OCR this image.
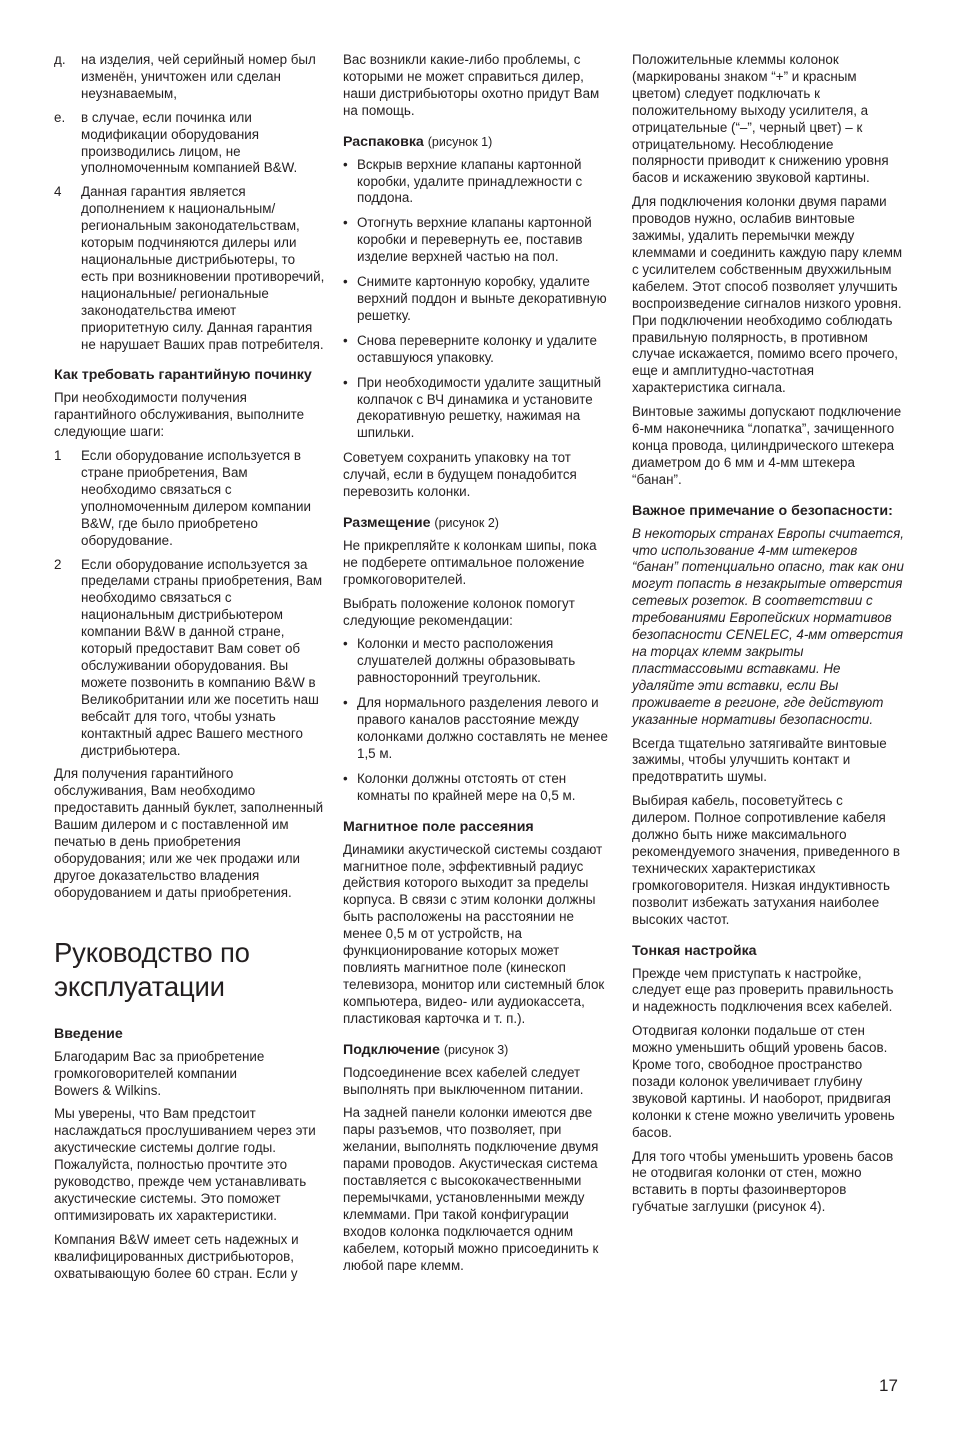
д.	на изделия, чей серийный номер был изменён, уничтожен или сделан неузнаваемым,
е.	в случае, если починка или модификации оборудования производились лицом, не уполномоченным компанией B&W.
4	Данная гарантия является дополнением к национальным/ региональным законодательствам, которым подчиняются дилеры или национальные дистрибьютеры, то есть при возникновении противоречий, национальные/ региональные законодательства имеют приоритетную силу. Данная гарантия не нарушает Ваших прав потребителя.
Как требовать гарантийную починку

При необходимости получения гарантийного обслуживания, выполните следующие шаги:

1	Если оборудование используется в стране приобретения, Вам необходимо связаться с уполномоченным дилером компании B&W, где было приобретено оборудование.
2	Если оборудование используется за пределами страны приобретения, Вам необходимо связаться с национальным дистрибьютером компании B&W в данной стране, который предоставит Вам совет об обслуживании оборудования. Вы можете позвонить в компанию B&W в Великобритании или же посетить наш вебсайт для того, чтобы узнать контактный адрес Вашего местного дистрибьютера.

Для получения гарантийного обслуживания, Вам необходимо предоставить данный буклет, заполненный Вашим дилером и с поставленной им печатью в день приобретения оборудования; или же чек продажи или другое доказательство владения оборудованием и даты приобретения.

Руководство по
эксплуатации
Введение

Благодарим Вас за приобретение громкоговорителей компании
Bowers & Wilkins.

Мы уверены, что Вам предстоит наслаждаться прослушиванием через эти акустические системы долгие годы. Пожалуйста, полностью прочтите это руководство, прежде чем устанавливать акустические системы. Это поможет оптимизировать их характеристики.

Компания B&W имеет сеть надежных и квалифицированных дистрибьюторов, охватывающую более 60 стран. Если у

Вас возникли какие-либо проблемы, с которыми не может справиться дилер, наши дистрибьюторы охотно придут Вам на помощь.

Распаковка (рисунок 1)
• Вскрыв верхние клапаны картонной коробки, удалите принадлежности с поддона.
• Отогнуть верхние клапаны картонной коробки и перевернуть ее, поставив изделие верхней частью на пол.
• Снимите картонную коробку, удалите верхний поддон и выньте декоративную решетку.
• Снова переверните колонку и удалите оставшуюся упаковку.
• При необходимости удалите защитный колпачок с ВЧ динамика и установите декоративную решетку, нажимая на шпильки.

Советуем сохранить упаковку на тот случай, если в будущем понадобится перевозить колонки.

Размещение (рисунок 2)

Не прикрепляйте к колонкам шипы, пока не подберете оптимальное положение громкоговорителей.

Выбрать положение колонок помогут следующие рекомендации:

• Колонки и место расположения слушателей должны образовывать равносторонний треугольник.
• Для нормального разделения левого и правого каналов расстояние между колонками должно составлять не менее 1,5 м.
• Колонки должны отстоять от стен комнаты по крайней мере на 0,5 м.
Магнитное поле рассеяния

Динамики акустической системы создают магнитное поле, эффективный радиус действия которого выходит за пределы корпуса. В связи с этим колонки должны быть расположены на расстоянии не менее 0,5 м от устройств, на функционирование которых может повлиять магнитное поле (кинескоп телевизора, монитор или системный блок компьютера, видео- или аудиокассета, пластиковая карточка и т. п.).

Подключение (рисунок 3)

Подсоединение всех кабелей следует выполнять при выключенном питании.

На задней панели колонки имеются две пары разъемов, что позволяет, при желании, выполнять подключение двумя парами проводов. Акустическая система поставляется с высококачественными перемычками, установленными между клеммами. При такой конфигурации входов колонка подключается одним кабелем, который можно присоединить к любой паре клемм.

Положительные клеммы колонок (маркированы знаком “+” и красным цветом) следует подключать к положительному выходу усилителя, а отрицательные (“–”, черный цвет) – к отрицательному. Несоблюдение полярности приводит к снижению уровня басов и искажению звуковой картины.

Для подключения колонки двумя парами проводов нужно, ослабив винтовые зажимы, удалить перемычки между клеммами и соединить каждую пару клемм с усилителем собственным двухжильным кабелем. Этот способ позволяет улучшить воспроизведение сигналов низкого уровня. При подключении необходимо соблюдать правильную полярность, в противном случае искажается, помимо всего прочего, еще и амплитудно-частотная характеристика сигнала.

Винтовые зажимы допускают подключение 6-мм наконечника “лопатка”, зачищенного конца провода, цилиндрического штекера диаметром до 6 мм и 4-мм штекера “банан”.

Важное примечание о безопасности:

В некоторых странах Европы считается, что использование 4-мм штекеров “банан” потенциально опасно, так как они могут попасть в незакрытые отверстия сетевых розеток. В соответствии с требованиями Европейских нормативов безопасности CENELEC, 4-мм отверстия на торцах клемм закрыты пластмассовыми вставками. Не удаляйте эти вставки, если Вы проживаете в регионе, где действуют указанные нормативы безопасности.

Всегда тщательно затягивайте винтовые зажимы, чтобы улучшить контакт и предотвратить шумы.

Выбирая кабель, посоветуйтесь с дилером. Полное сопротивление кабеля должно быть ниже максимального рекомендуемого значения, приведенного в технических характеристиках громкоговорителя. Низкая индуктивность позволит избежать затухания наиболее высоких частот.

Тонкая настройка

Прежде чем приступать к настройке, следует еще раз проверить правильность и надежность подключения всех кабелей.

Отодвигая колонки подальше от стен можно уменьшить общий уровень басов. Кроме того, свободное пространство позади колонок увеличивает глубину звуковой картины. И наоборот, придвигая колонки к стене можно увеличить уровень басов.

Для того чтобы уменьшить уровень басов не отодвигая колонки от стен, можно вставить в порты фазоинверторов губчатые заглушки (рисунок 4).

17
